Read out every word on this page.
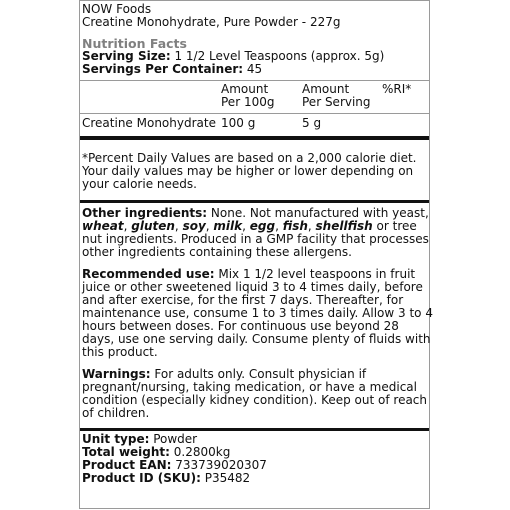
NOW Foods
Creatine Monohydrate, Pure Powder - 227g
Nutrition Facts
Serving Size: 1 1/2 Level Teaspoons (approx. 5g)
Servings Per Container: 45
Amount
Per 100g
Amount
Per Serving
%RI*
Creatine Monohydrate 100 g	5 g
*Percent Daily Values are based on a 2,000 calorie diet.
Your daily values may be higher or lower depending on
your calorie needs.
Other ingredients: None. Not manufactured with yeast,
wheat, gluten, soy, milk, egg, fish, shellfish or tree
nut ingredients. Produced in a GMP facility that processes
other ingredients containing these allergens.
Recommended use: Mix 1 1/2 level teaspoons in fruit
juice or other sweetened liquid 3 to 4 times daily, before
and after exercise, for the first 7 days. Thereafter, for
maintenance use, consume 1 to 3 times daily. Allow 3 to 4
hours between doses. For continuous use beyond 28
days, use one serving daily. Consume plenty of fluids with
this product.
Warnings: For adults only. Consult physician if
pregnant/nursing, taking medication, or have a medical
condition (especially kidney condition). Keep out of reach
of children.
Unit type: Powder
Total weight: 0.2800kg
Product EAN: 733739020307
Product ID (SKU): P35482
